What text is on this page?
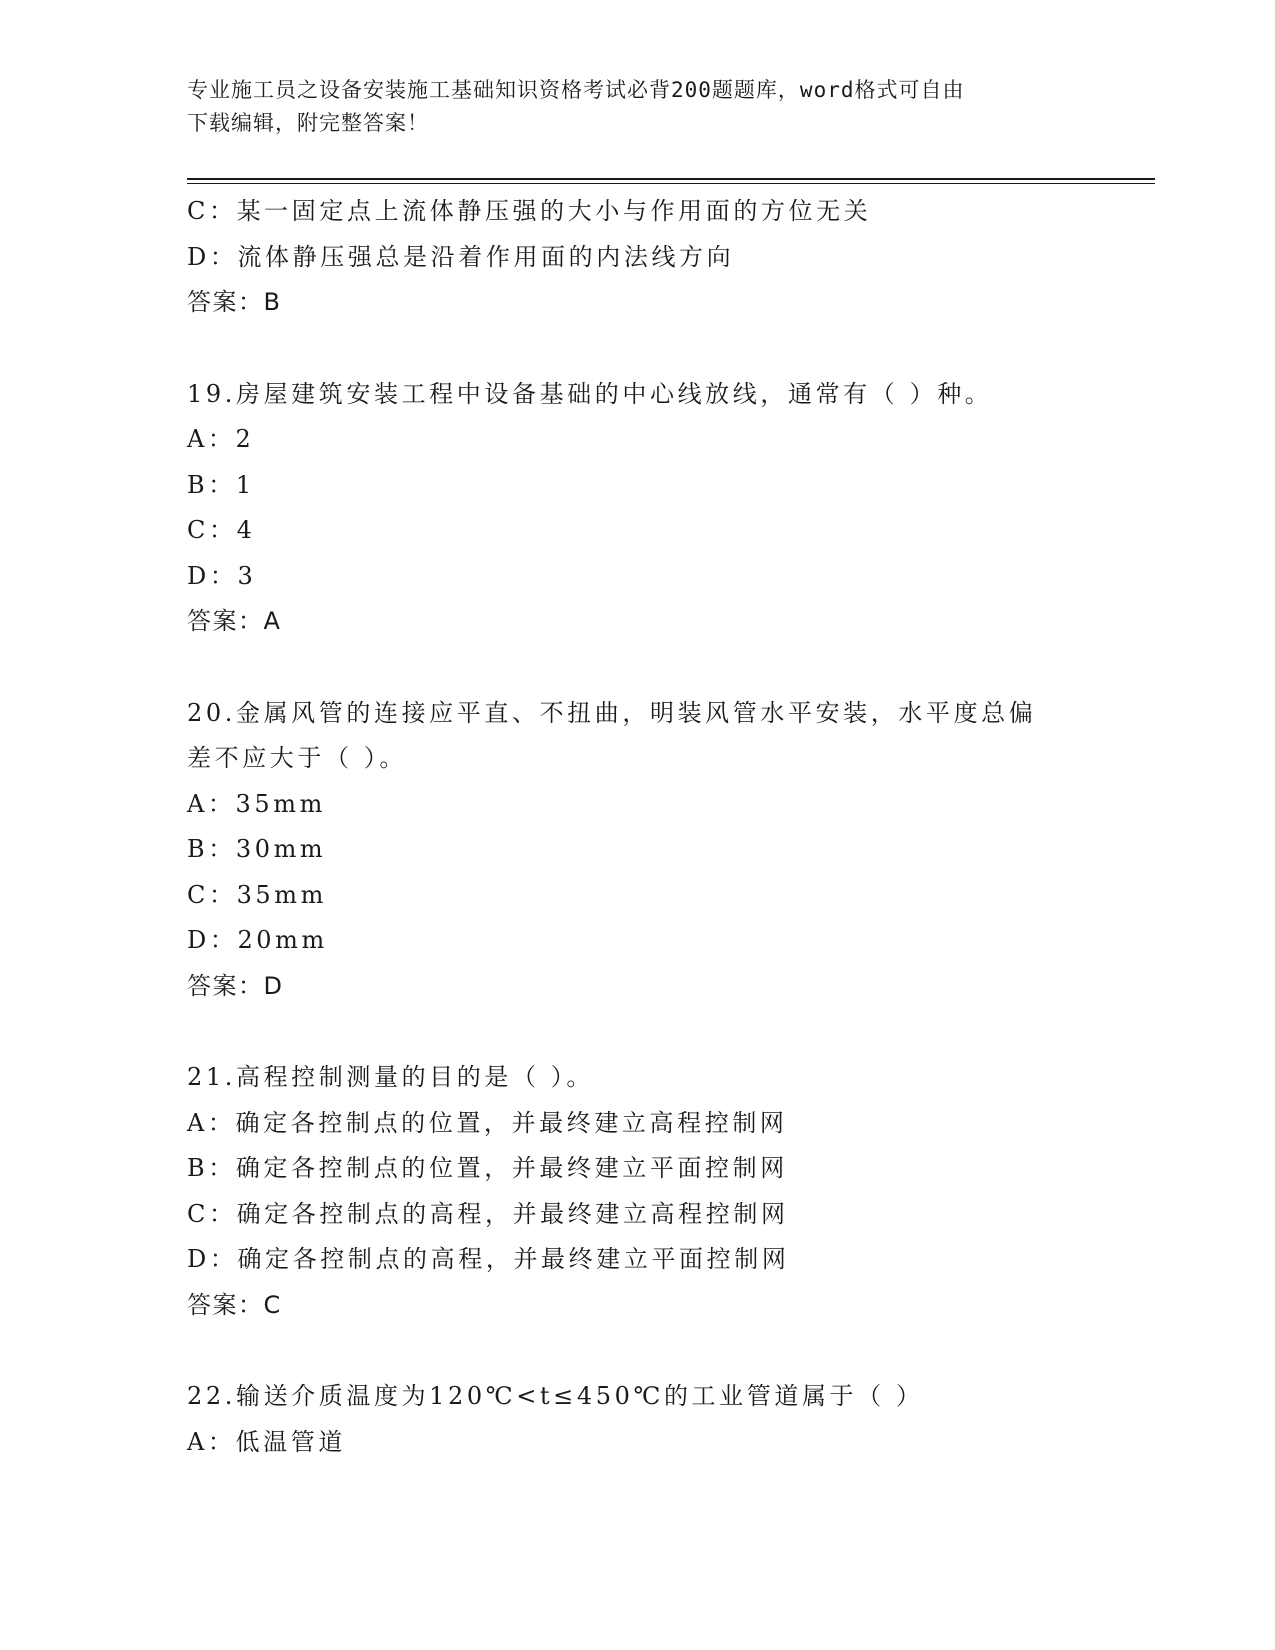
专业施工员之设备安装施工基础知识资格考试必背200题题库，word格式可自由
下载编辑，附完整答案！
C：某一固定点上流体静压强的大小与作用面的方位无关
D：流体静压强总是沿着作用面的内法线方向
答案：B
19.房屋建筑安装工程中设备基础的中心线放线，通常有（ ）种。
A：2
B：1
C：4
D：3
答案：A
20.金属风管的连接应平直、不扭曲，明装风管水平安装，水平度总偏
差不应大于（ ）。
A：35mm
B：30mm
C：35mm
D：20mm
答案：D
21.高程控制测量的目的是（ ）。
A：确定各控制点的位置，并最终建立高程控制网
B：确定各控制点的位置，并最终建立平面控制网
C：确定各控制点的高程，并最终建立高程控制网
D：确定各控制点的高程，并最终建立平面控制网
答案：C
22.输送介质温度为120℃<t≤450℃的工业管道属于（ ）
A：低温管道
